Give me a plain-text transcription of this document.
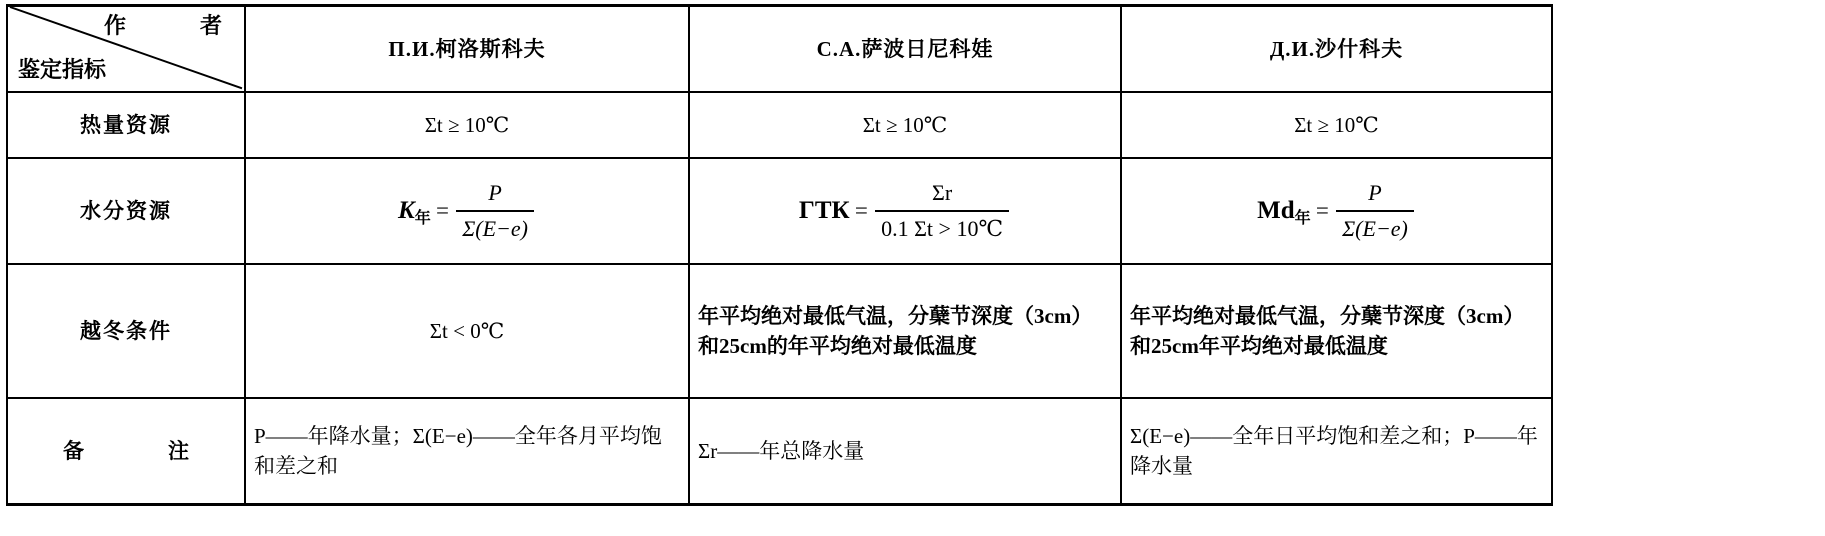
作　　者
鉴定指标	П.И.柯洛斯科夫	С.А.萨波日尼科娃	Д.И.沙什科夫
热量资源	Σt ≥ 10℃	Σt ≥ 10℃	Σt ≥ 10℃
水分资源	$K_年 = \frac{P}{\Sigma(E-e)}$	ГТК = $\frac{\Sigma r}{0.1 \Sigma t > 10℃}$	$Md_年 = \frac{P}{\Sigma(E-e)}$

越冬条件	Σt < 0℃	年平均绝对最低气温，分蘖节深度（3cm）和25cm的年平均绝对最低温度	年平均绝对最低气温，分蘖节深度（3cm）和25cm年平均绝对最低温度
备　　注	P——年降水量；Σ(E−e)——全年各月平均饱和差之和	Σr——年总降水量	Σ(E−e)——全年日平均饱和差之和；P——年降水量
